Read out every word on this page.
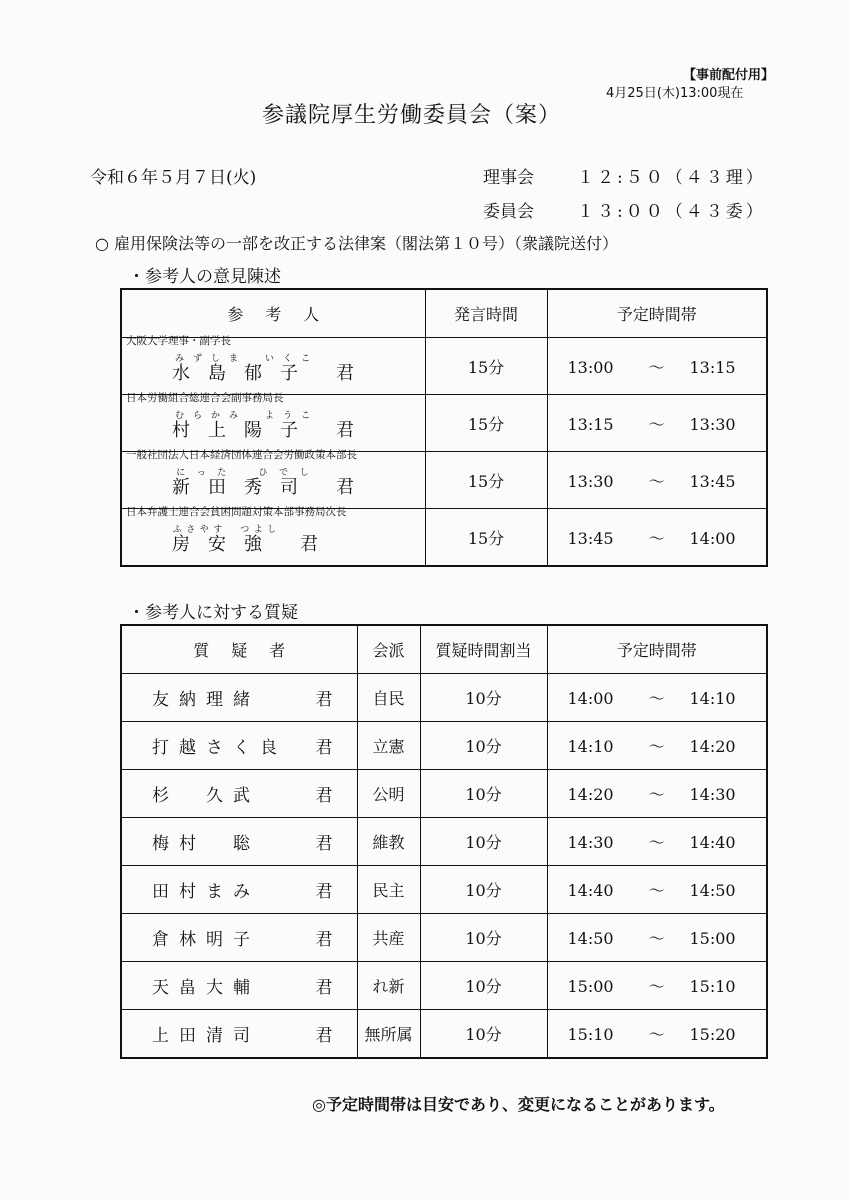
【事前配付用】
4月25日(木)13:00現在
参議院厚生労働委員会（案）
令和６年５月７日(火)	理事会	１２:５０（４３理）
委員会	１３:００（４３委）
○ 雇用保険法等の一部を改正する法律案（閣法第１０号）（衆議院送付）
・参考人の意見陳述
参考人	発言時間	予定時間帯

大阪大学理事・副学長
水島郁子みずしま　いくこ君	15分	13:00 〜 13:15

日本労働組合総連合会副事務局長
村上陽子むらかみ　ようこ君	15分	13:15 〜 13:30

一般社団法人日本経済団体連合会労働政策本部長
新田秀司にった　ひでし君	15分	13:30 〜 13:45

日本弁護士連合会貧困問題対策本部事務局次長
房安強ふさやす　つよし君	15分	13:45 〜 14:00
・参考人に対する質疑
質疑者	会派	質疑時間割当	予定時間帯
友納理緒 君	自民	10分	14:00 〜 14:10
打越さく良 君	立憲	10分	14:10 〜 14:20
杉　久武 君	公明	10分	14:20 〜 14:30
梅村　聡 君	維教	10分	14:30 〜 14:40
田村まみ 君	民主	10分	14:40 〜 14:50
倉林明子 君	共産	10分	14:50 〜 15:00
天畠大輔 君	れ新	10分	15:00 〜 15:10
上田清司 君	無所属	10分	15:10 〜 15:20
◎予定時間帯は目安であり、変更になることがあります。
